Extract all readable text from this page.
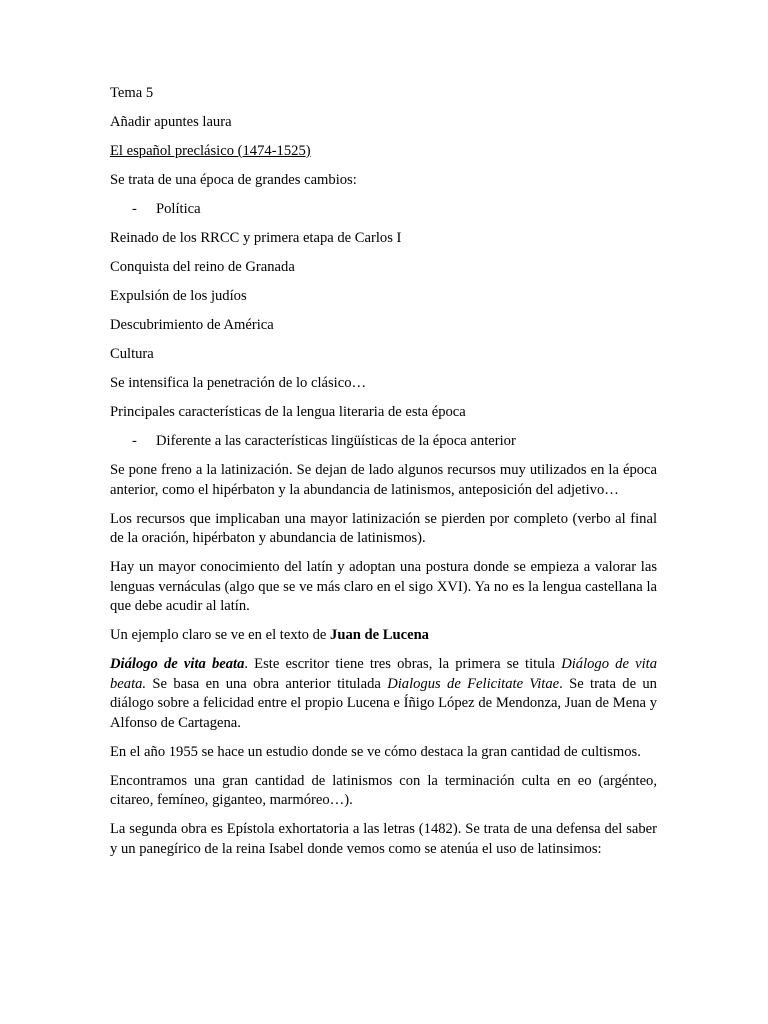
Tema 5

Añadir apuntes laura

El español preclásico (1474-1525)

Se trata de una época de grandes cambios:

- Política

Reinado de los RRCC y primera etapa de Carlos I

Conquista del reino de Granada

Expulsión de los judíos

Descubrimiento de América

Cultura

Se intensifica la penetración de lo clásico…

Principales características de la lengua literaria de esta época

- Diferente a las características lingüísticas de la época anterior

Se pone freno a la latinización. Se dejan de lado algunos recursos muy utilizados en la época anterior, como el hipérbaton y la abundancia de latinismos, anteposición del adjetivo…

Los recursos que implicaban una mayor latinización se pierden por completo (verbo al final de la oración, hipérbaton y abundancia de latinismos).

Hay un mayor conocimiento del latín y adoptan una postura donde se empieza a valorar las lenguas vernáculas (algo que se ve más claro en el sigo XVI). Ya no es la lengua castellana la que debe acudir al latín.

Un ejemplo claro se ve en el texto de Juan de Lucena

Diálogo de vita beata. Este escritor tiene tres obras, la primera se titula Diálogo de vita beata. Se basa en una obra anterior titulada Dialogus de Felicitate Vitae. Se trata de un diálogo sobre a felicidad entre el propio Lucena e Íñigo López de Mendonza, Juan de Mena y Alfonso de Cartagena.

En el año 1955 se hace un estudio donde se ve cómo destaca la gran cantidad de cultismos.

Encontramos una gran cantidad de latinismos con la terminación culta en eo (argénteo, citareo, femíneo, giganteo, marmóreo…).

La segunda obra es Epístola exhortatoria a las letras (1482). Se trata de una defensa del saber y un panegírico de la reina Isabel donde vemos como se atenúa el uso de latinsimos:
